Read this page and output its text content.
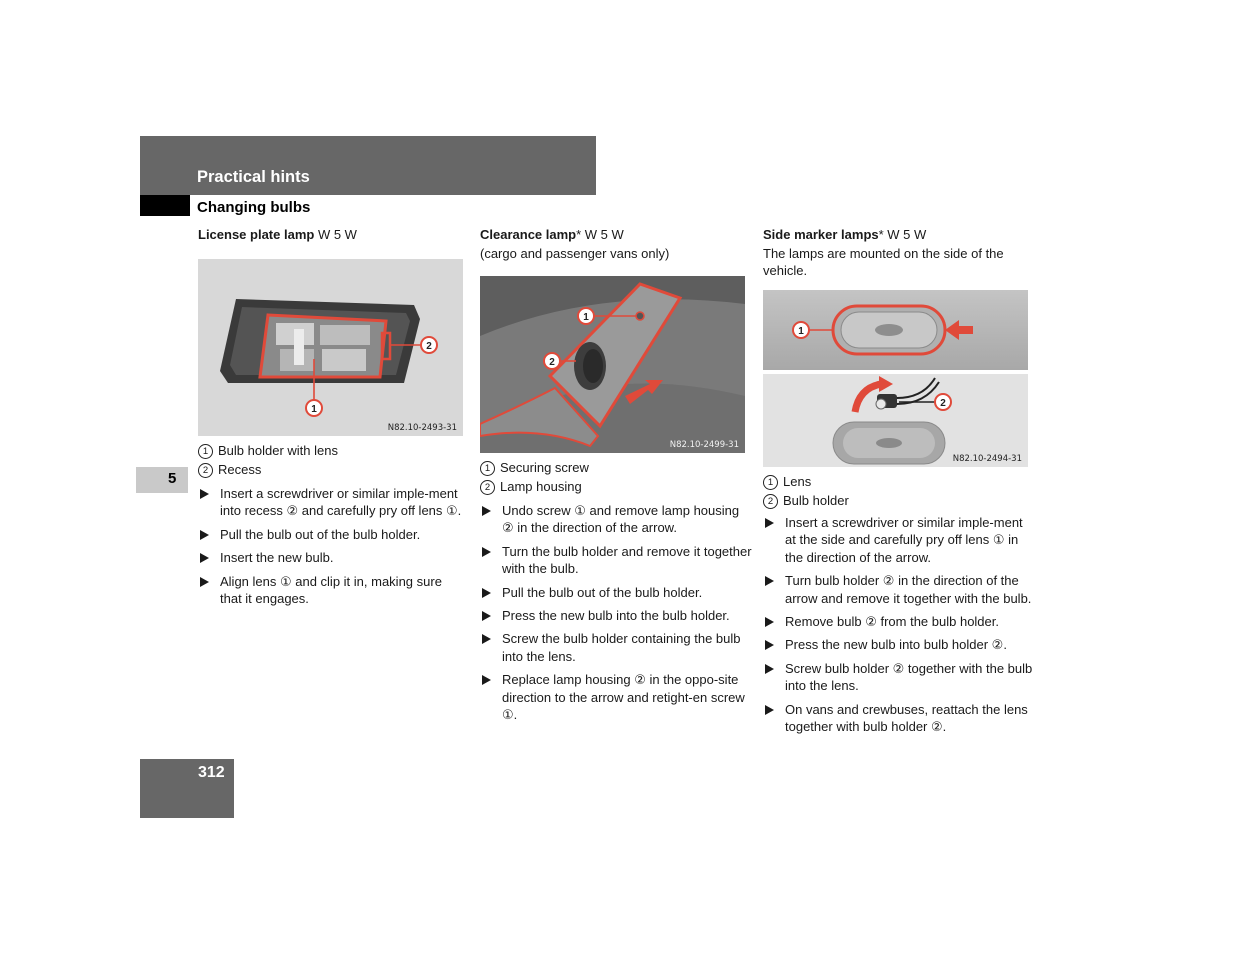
Practical hints
Changing bulbs
5
312
License plate lamp W 5 W
2
1
N82.10-2493-31
1 Bulb holder with lens
2 Recess
Insert a screwdriver or similar imple-ment into recess ② and carefully pry off lens ①.
Pull the bulb out of the bulb holder.
Insert the new bulb.
Align lens ① and clip it in, making sure that it engages.
Clearance lamp* W 5 W
(cargo and passenger vans only)
1
2
N82.10-2499-31
1 Securing screw
2 Lamp housing
Undo screw ① and remove lamp housing ② in the direction of the arrow.
Turn the bulb holder and remove it together with the bulb.
Pull the bulb out of the bulb holder.
Press the new bulb into the bulb holder.
Screw the bulb holder containing the bulb into the lens.
Replace lamp housing ② in the oppo-site direction to the arrow and retight-en screw ①.
Side marker lamps* W 5 W
The lamps are mounted on the side of the vehicle.
1
2
N82.10-2494-31
1 Lens
2 Bulb holder
Insert a screwdriver or similar imple-ment at the side and carefully pry off lens ① in the direction of the arrow.
Turn bulb holder ② in the direction of the arrow and remove it together with the bulb.
Remove bulb ② from the bulb holder.
Press the new bulb into bulb holder ②.
Screw bulb holder ② together with the bulb into the lens.
On vans and crewbuses, reattach the lens together with bulb holder ②.
